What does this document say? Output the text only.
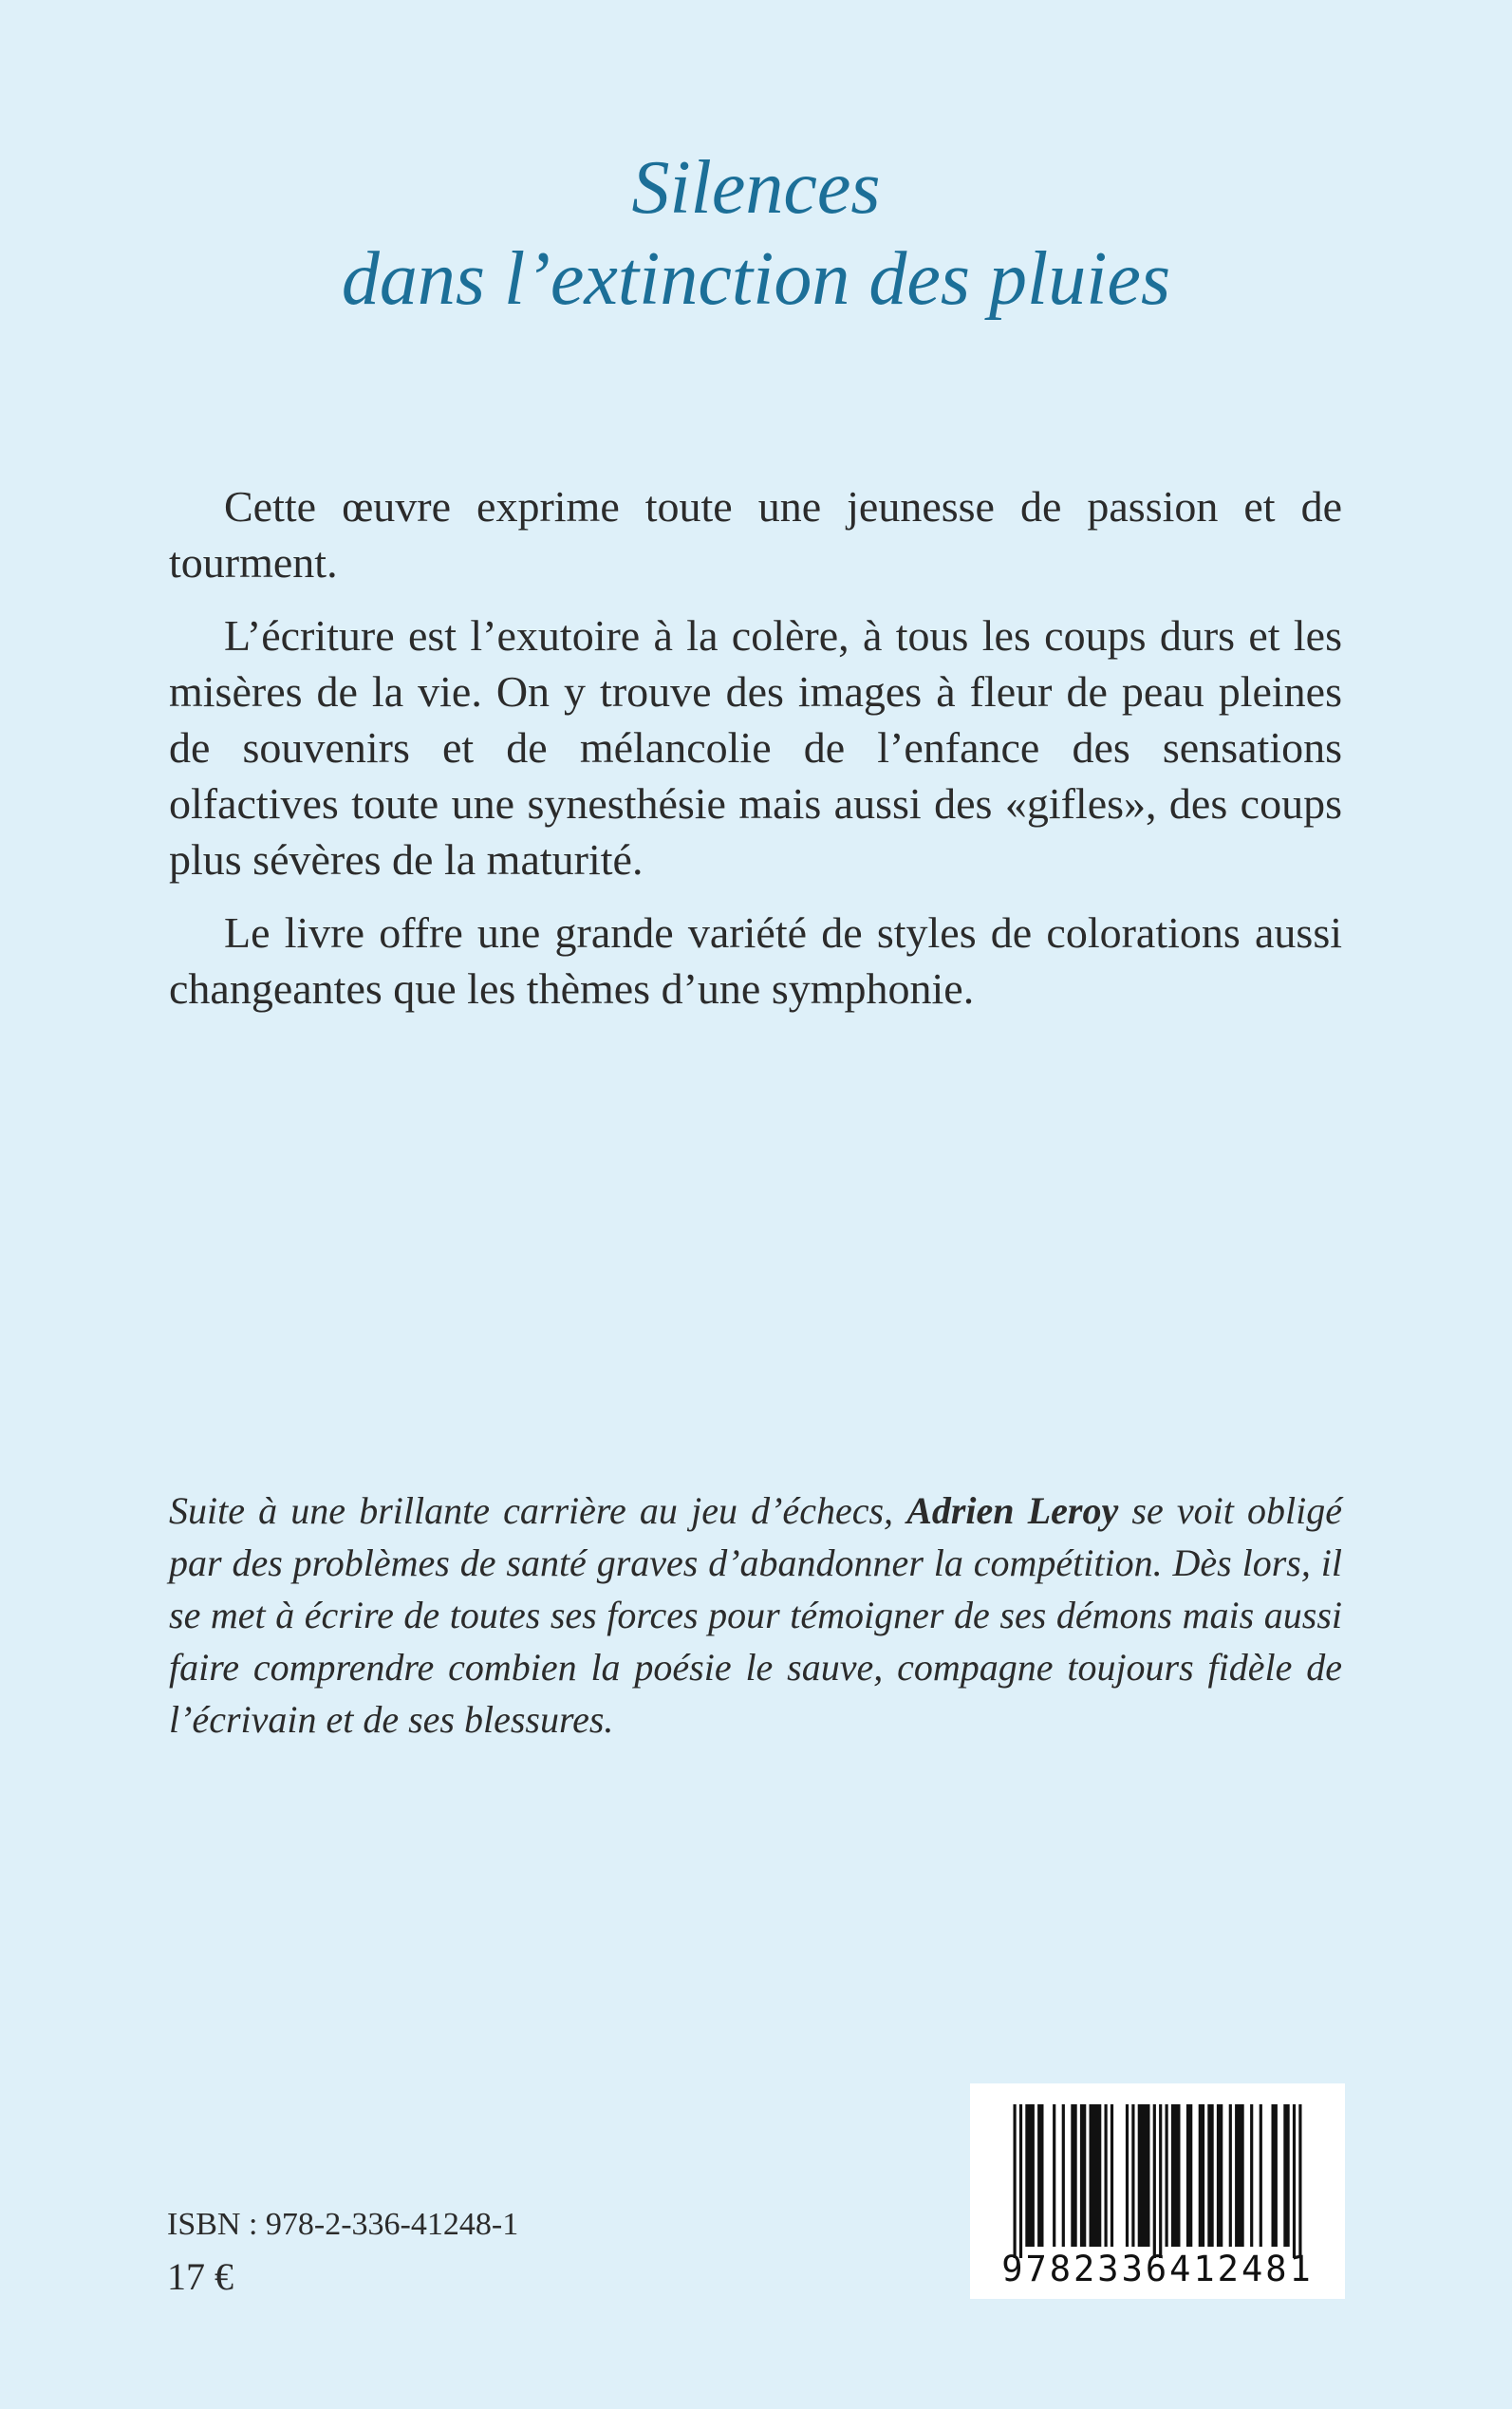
Silences
dans l’extinction des pluies

Cette œuvre exprime toute une jeunesse de passion et de tourment.

L’écriture est l’exutoire à la colère, à tous les coups durs et les misères de la vie. On y trouve des images à fleur de peau pleines de souvenirs et de mélancolie de l’enfance des sensations olfactives toute une synesthésie mais aussi des «gifles», des coups plus sévères de la maturité.

Le livre offre une grande variété de styles de colorations aussi changeantes que les thèmes d’une symphonie.

Suite à une brillante carrière au jeu d’échecs, Adrien Leroy se voit obligé par des problèmes de santé graves d’abandonner la compétition. Dès lors, il se met à écrire de toutes ses forces pour témoigner de ses démons mais aussi faire comprendre combien la poésie le sauve, compagne toujours fidèle de l’écrivain et de ses blessures.

ISBN : 978-2-336-41248-1
17 €	9782336412481
